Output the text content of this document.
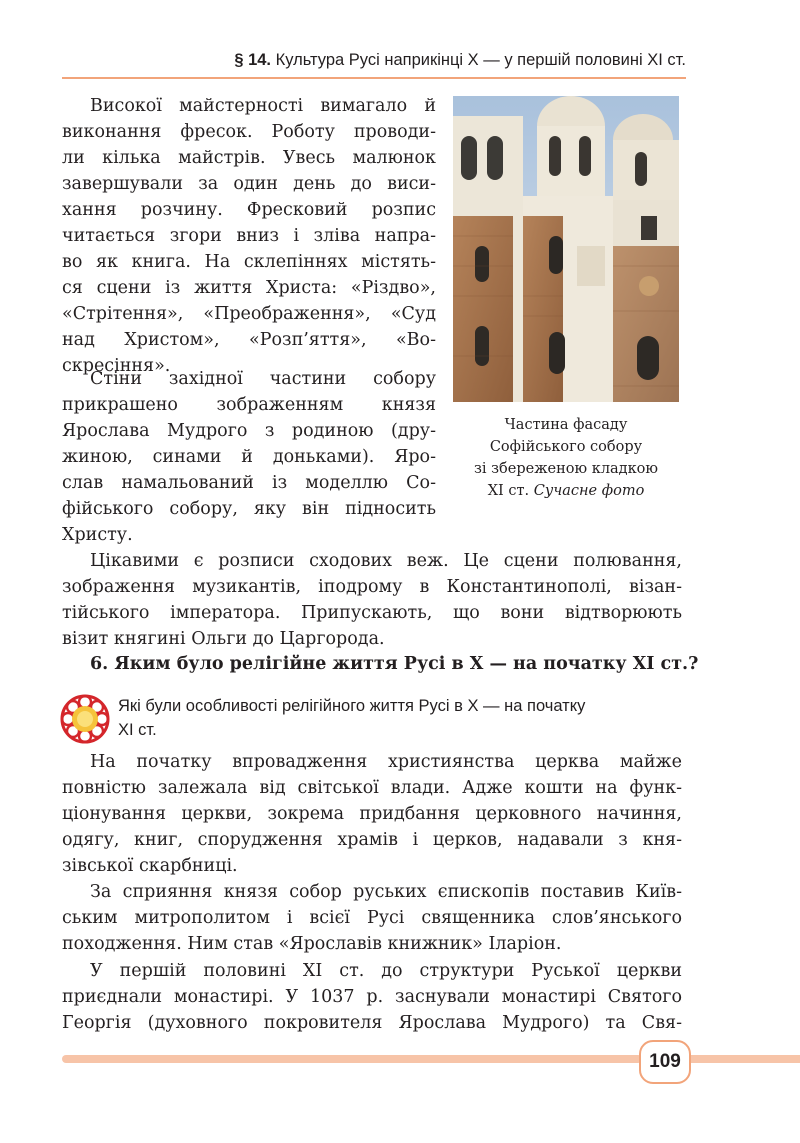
§ 14. Культура Русі наприкінці X — у першій половині XI ст.
Високої майстерності вимагало й
виконання фресок. Роботу проводи-
ли кілька майстрів. Увесь малюнок
завершували за один день до виси-
хання розчину. Фресковий розпис
читається згори вниз і зліва напра-
во як книга. На склепіннях містять-
ся сцени із життя Христа: «Різдво»,
«Стрітення», «Преображення», «Суд
над Христом», «Розп’яття», «Во-
скресіння».
Стіни західної частини собору
прикрашено зображенням князя
Ярослава Мудрого з родиною (дру-
жиною, синами й доньками). Яро-
слав намальований із моделлю Со-
фійського собору, яку він підносить
Христу.
Частина фасаду
Софійського собору
зі збереженою кладкою
XI ст. Сучасне фото
Цікавими є розписи сходових веж. Це сцени полювання,
зображення музикантів, іподрому в Константинополі, візан-
тійського імператора. Припускають, що вони відтворюють
візит княгині Ольги до Царгорода.
6. Яким було релігійне життя Русі в X — на початку XI ст.?
Які були особливості релігійного життя Русі в X — на початку
XI ст.
На початку впровадження християнства церква майже
повністю залежала від світської влади. Адже кошти на функ-
ціонування церкви, зокрема придбання церковного начиння,
одягу, книг, спорудження храмів і церков, надавали з кня-
зівської скарбниці.
За сприяння князя собор руських єпископів поставив Київ-
ським митрополитом і всієї Русі священника слов’янського
походження. Ним став «Ярославів книжник» Іларіон.
У першій половині XI ст. до структури Руської церкви
приєднали монастирі. У 1037 р. заснували монастирі Святого
Георгія (духовного покровителя Ярослава Мудрого) та Свя-
109
